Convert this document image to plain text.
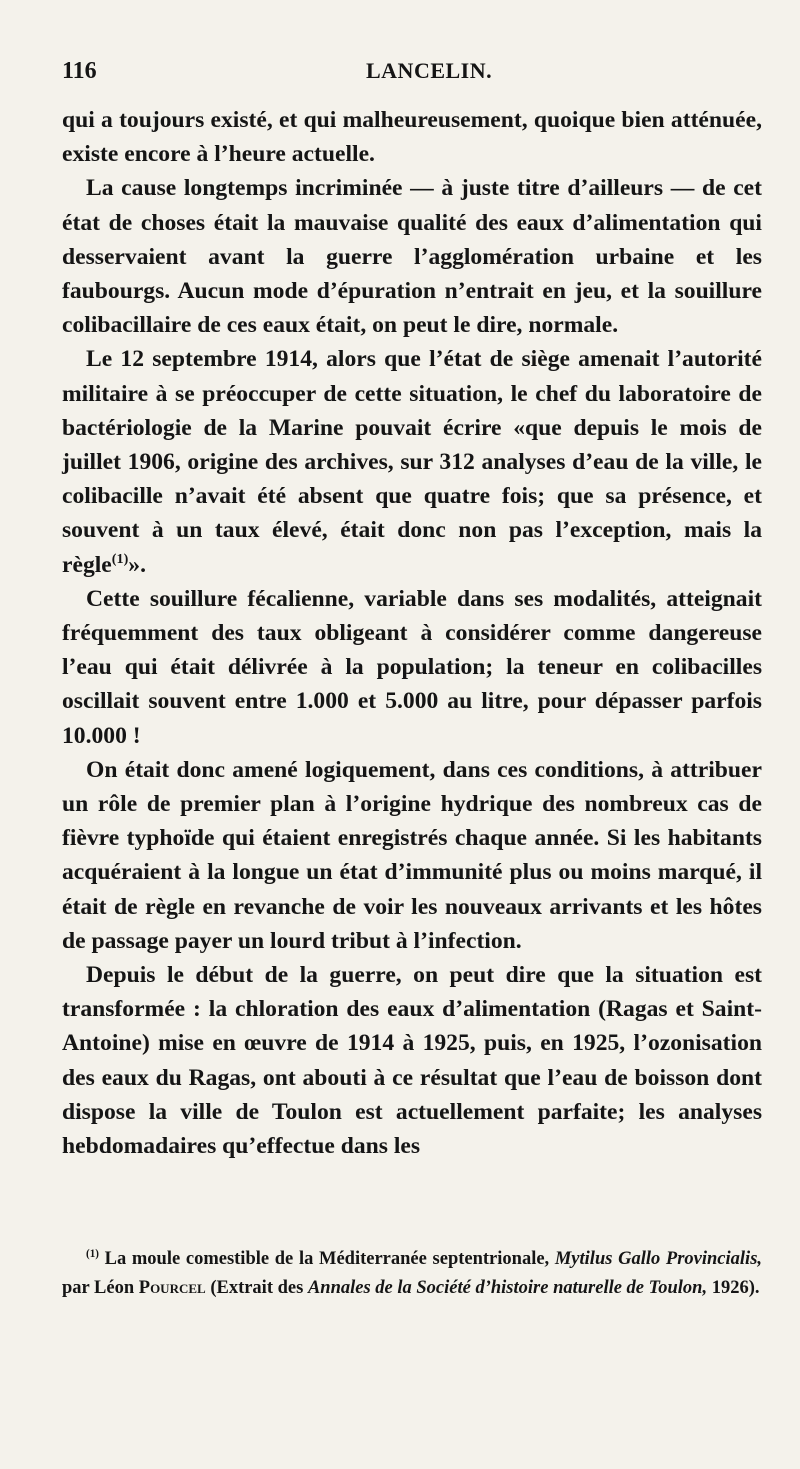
116	LANCELIN.

qui a toujours existé, et qui malheureusement, quoique bien atténuée, existe encore à l’heure actuelle.

La cause longtemps incriminée — à juste titre d’ailleurs — de cet état de choses était la mauvaise qualité des eaux d’alimentation qui desservaient avant la guerre l’agglomération urbaine et les faubourgs. Aucun mode d’épuration n’entrait en jeu, et la souillure colibacillaire de ces eaux était, on peut le dire, normale.

Le 12 septembre 1914, alors que l’état de siège amenait l’autorité militaire à se préoccuper de cette situation, le chef du laboratoire de bactériologie de la Marine pouvait écrire «que depuis le mois de juillet 1906, origine des archives, sur 312 analyses d’eau de la ville, le colibacille n’avait été absent que quatre fois; que sa présence, et souvent à un taux élevé, était donc non pas l’exception, mais la règle$^{(1)}$».

Cette souillure fécalienne, variable dans ses modalités, atteignait fréquemment des taux obligeant à considérer comme dangereuse l’eau qui était délivrée à la population; la teneur en colibacilles oscillait souvent entre 1.000 et 5.000 au litre, pour dépasser parfois 10.000 !

On était donc amené logiquement, dans ces conditions, à attribuer un rôle de premier plan à l’origine hydrique des nombreux cas de fièvre typhoïde qui étaient enregistrés chaque année. Si les habitants acquéraient à la longue un état d’immunité plus ou moins marqué, il était de règle en revanche de voir les nouveaux arrivants et les hôtes de passage payer un lourd tribut à l’infection.

Depuis le début de la guerre, on peut dire que la situation est transformée : la chloration des eaux d’alimentation (Ragas et Saint-Antoine) mise en œuvre de 1914 à 1925, puis, en 1925, l’ozonisation des eaux du Ragas, ont abouti à ce résultat que l’eau de boisson dont dispose la ville de Toulon est actuellement parfaite; les analyses hebdomadaires qu’effectue dans les

$^{(1)}$ La moule comestible de la Méditerranée septentrionale, Mytilus Gallo Provincialis, par Léon Pourcel (Extrait des Annales de la Société d’histoire naturelle de Toulon, 1926).
